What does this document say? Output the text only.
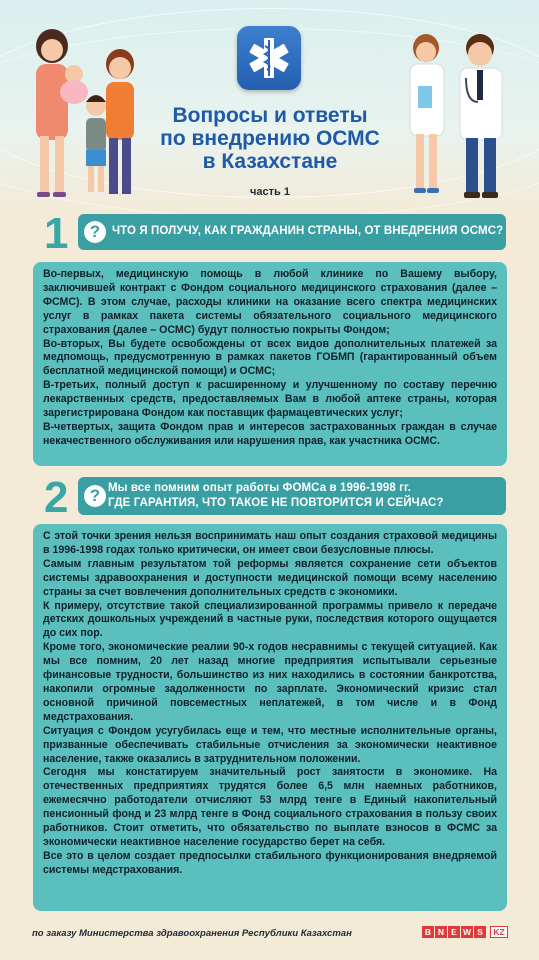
Вопросы и ответы
по внедрению ОСМС
в Казахстане
часть 1
1	?	ЧТО Я ПОЛУЧУ, КАК ГРАЖДАНИН СТРАНЫ, ОТ ВНЕДРЕНИЯ ОСМС?

Во-первых, медицинскую помощь в любой клинике по Вашему выбору, заключившей контракт с Фондом социального медицинского страхования (далее –ФСМС). В этом случае, расходы клиники на оказание всего спектра медицинских услуг в рамках пакета системы обязательного социального медицинского страхования (далее – ОСМС) будут полностью покрыты Фондом;

Во-вторых, Вы будете освобождены от всех видов дополнительных платежей за медпомощь, предусмотренную в рамках пакетов ГОБМП (гарантированный объем бесплатной медицинской помощи) и ОСМС;

В-третьих, полный доступ к расширенному и улучшенному по составу перечню лекарственных средств, предоставляемых Вам в любой аптеке страны, которая зарегистрирована Фондом как поставщик фармацевтических услуг;

В-четвертых, защита Фондом прав и интересов застрахованных граждан в случае некачественного обслуживания или нарушения прав, как участника ОСМС.

2	? Мы все помним опыт работы ФОМСа в 1996-1998 гг.
ГДЕ ГАРАНТИЯ, ЧТО ТАКОЕ НЕ ПОВТОРИТСЯ И СЕЙЧАС?

С этой точки зрения нельзя воспринимать наш опыт создания страховой медицины в 1996-1998 годах только критически, он имеет свои безусловные плюсы.

Самым главным результатом той реформы является сохранение сети объектов системы здравоохранения и доступности медицинской помощи всему населению страны за счет вовлечения дополнительных средств с экономики.

К примеру, отсутствие такой специализированной программы привело к передаче детских дошкольных учреждений в частные руки, последствия которого ощущается до сих пор.

Кроме того, экономические реалии 90-х годов несравнимы с текущей ситуацией. Как мы все помним, 20 лет назад многие предприятия испытывали серьезные финансовые трудности, большинство из них находились в состоянии банкротства, накопили огромные задолженности по зарплате. Экономический кризис стал основной причиной повсеместных неплатежей, в том числе и в Фонд медстрахования.

Ситуация с Фондом усугубилась еще и тем, что местные исполнительные органы, призванные обеспечивать стабильные отчисления за экономически неактивное население, также оказались в затруднительном положении.

Сегодня мы констатируем значительный рост занятости в экономике. На отечественных предприятиях трудятся более 6,5 млн наемных работников, ежемесячно работодатели отчисляют 53 млрд тенге в Единый накопительный пенсионный фонд и 23 млрд тенге в Фонд социального страхования в пользу своих работников. Стоит отметить, что обязательство по выплате взносов в ФСМС за экономически неактивное население государство берет на себя.

Все это в целом создает предпосылки стабильного функционирования внедряемой системы медстрахования.

по заказу Министерства здравоохранения Республики Казахстан	B N E W S	KZ
